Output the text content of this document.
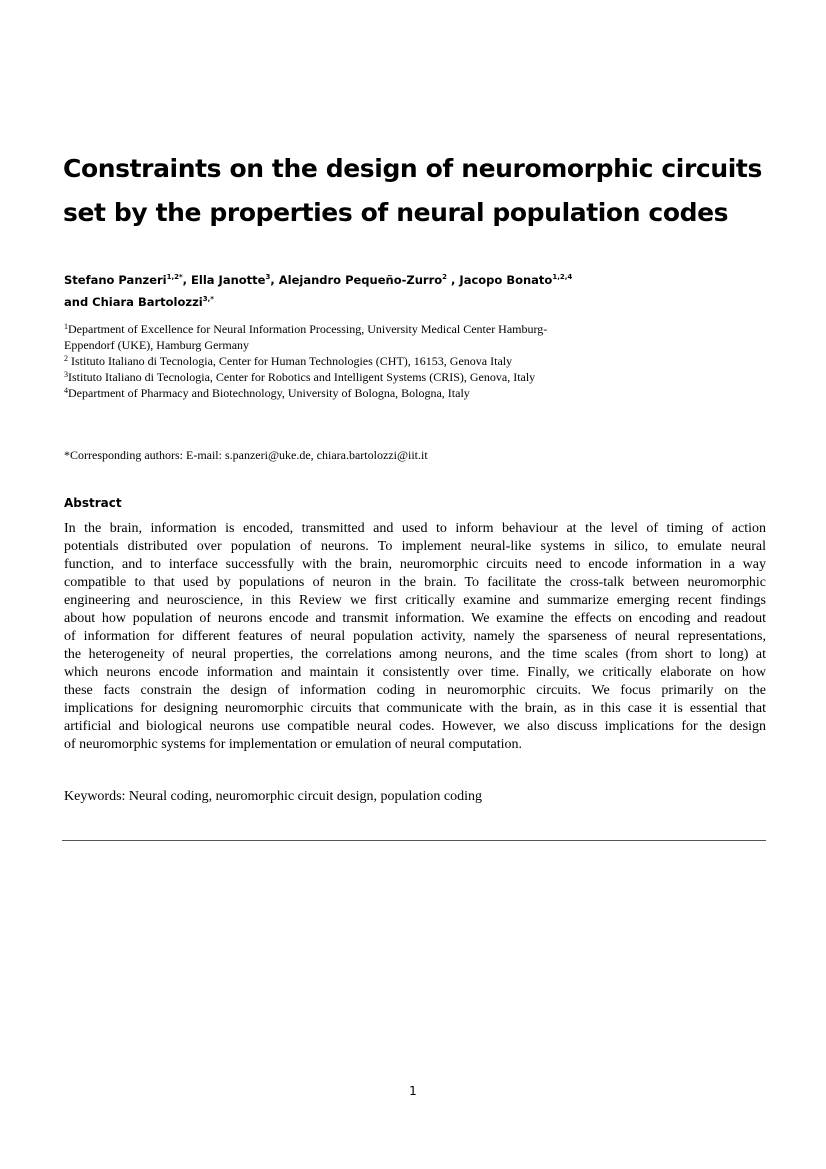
Constraints on the design of neuromorphic circuits set by the properties of neural population codes
Stefano Panzeri$^{1,2*}$, Ella Janotte$^3$, Alejandro Pequeño-Zurro$^2$ , Jacopo Bonato$^{1,2,4}$
and Chiara Bartolozzi$^{3,*}$
$^1$Department of Excellence for Neural Information Processing, University Medical Center Hamburg-
Eppendorf (UKE), Hamburg Germany
$^2$ Istituto Italiano di Tecnologia, Center for Human Technologies (CHT), 16153, Genova Italy
$^3$Istituto Italiano di Tecnologia, Center for Robotics and Intelligent Systems (CRIS), Genova, Italy
$^4$Department of Pharmacy and Biotechnology, University of Bologna, Bologna, Italy
*Corresponding authors: E-mail: s.panzeri@uke.de, chiara.bartolozzi@iit.it
Abstract
In the brain, information is encoded, transmitted and used to inform behaviour at the level of timing of action
potentials distributed over population of neurons. To implement neural-like systems in silico, to emulate neural
function, and to interface successfully with the brain, neuromorphic circuits need to encode information in a way
compatible to that used by populations of neuron in the brain. To facilitate the cross-talk between neuromorphic
engineering and neuroscience, in this Review we first critically examine and summarize emerging recent findings
about how population of neurons encode and transmit information. We examine the effects on encoding and readout
of information for different features of neural population activity, namely the sparseness of neural representations,
the heterogeneity of neural properties, the correlations among neurons, and the time scales (from short to long) at
which neurons encode information and maintain it consistently over time. Finally, we critically elaborate on how
these facts constrain the design of information coding in neuromorphic circuits. We focus primarily on the
implications for designing neuromorphic circuits that communicate with the brain, as in this case it is essential that
artificial and biological neurons use compatible neural codes. However, we also discuss implications for the design
of neuromorphic systems for implementation or emulation of neural computation.

Keywords: Neural coding, neuromorphic circuit design, population coding

1
